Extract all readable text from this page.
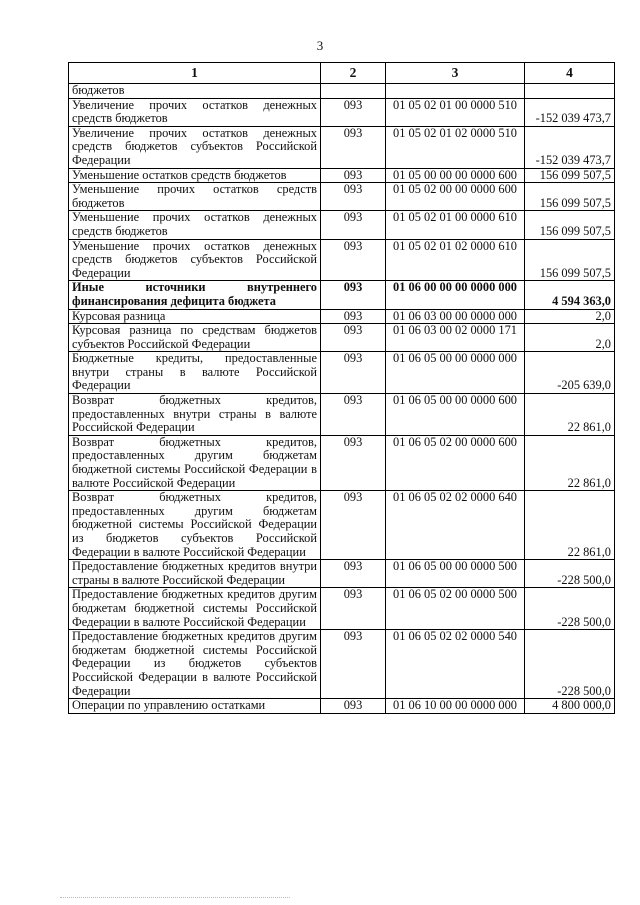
3
1	2	3	4
бюджетов			
Увеличение прочих остатков денежных средств бюджетов	093	01 05 02 01 00 0000 510	-152 039 473,7
Увеличение прочих остатков денежных средств бюджетов субъектов Российской Федерации	093	01 05 02 01 02 0000 510	-152 039 473,7
Уменьшение остатков средств бюджетов	093	01 05 00 00 00 0000 600	156 099 507,5
Уменьшение прочих остатков средств бюджетов	093	01 05 02 00 00 0000 600	156 099 507,5
Уменьшение прочих остатков денежных средств бюджетов	093	01 05 02 01 00 0000 610	156 099 507,5
Уменьшение прочих остатков денежных средств бюджетов субъектов Российской Федерации	093	01 05 02 01 02 0000 610	156 099 507,5
Иные источники внутреннего финансирования дефицита бюджета	093	01 06 00 00 00 0000 000	4 594 363,0
Курсовая разница	093	01 06 03 00 00 0000 000	2,0
Курсовая разница по средствам бюджетов субъектов Российской Федерации	093	01 06 03 00 02 0000 171	2,0
Бюджетные кредиты, предоставленные внутри страны в валюте Российской Федерации	093	01 06 05 00 00 0000 000	-205 639,0
Возврат бюджетных кредитов, предоставленных внутри страны в валюте Российской Федерации	093	01 06 05 00 00 0000 600	22 861,0
Возврат бюджетных кредитов, предоставленных другим бюджетам бюджетной системы Российской Федерации в валюте Российской Федерации	093	01 06 05 02 00 0000 600	22 861,0
Возврат бюджетных кредитов, предоставленных другим бюджетам бюджетной системы Российской Федерации из бюджетов субъектов Российской Федерации в валюте Российской Федерации	093	01 06 05 02 02 0000 640	22 861,0
Предоставление бюджетных кредитов внутри страны в валюте Российской Федерации	093	01 06 05 00 00 0000 500	-228 500,0
Предоставление бюджетных кредитов другим бюджетам бюджетной системы Российской Федерации в валюте Российской Федерации	093	01 06 05 02 00 0000 500	-228 500,0
Предоставление бюджетных кредитов другим бюджетам бюджетной системы Российской Федерации из бюджетов субъектов Российской Федерации в валюте Российской Федерации	093	01 06 05 02 02 0000 540	-228 500,0
Операции по управлению остатками	093	01 06 10 00 00 0000 000	4 800 000,0
